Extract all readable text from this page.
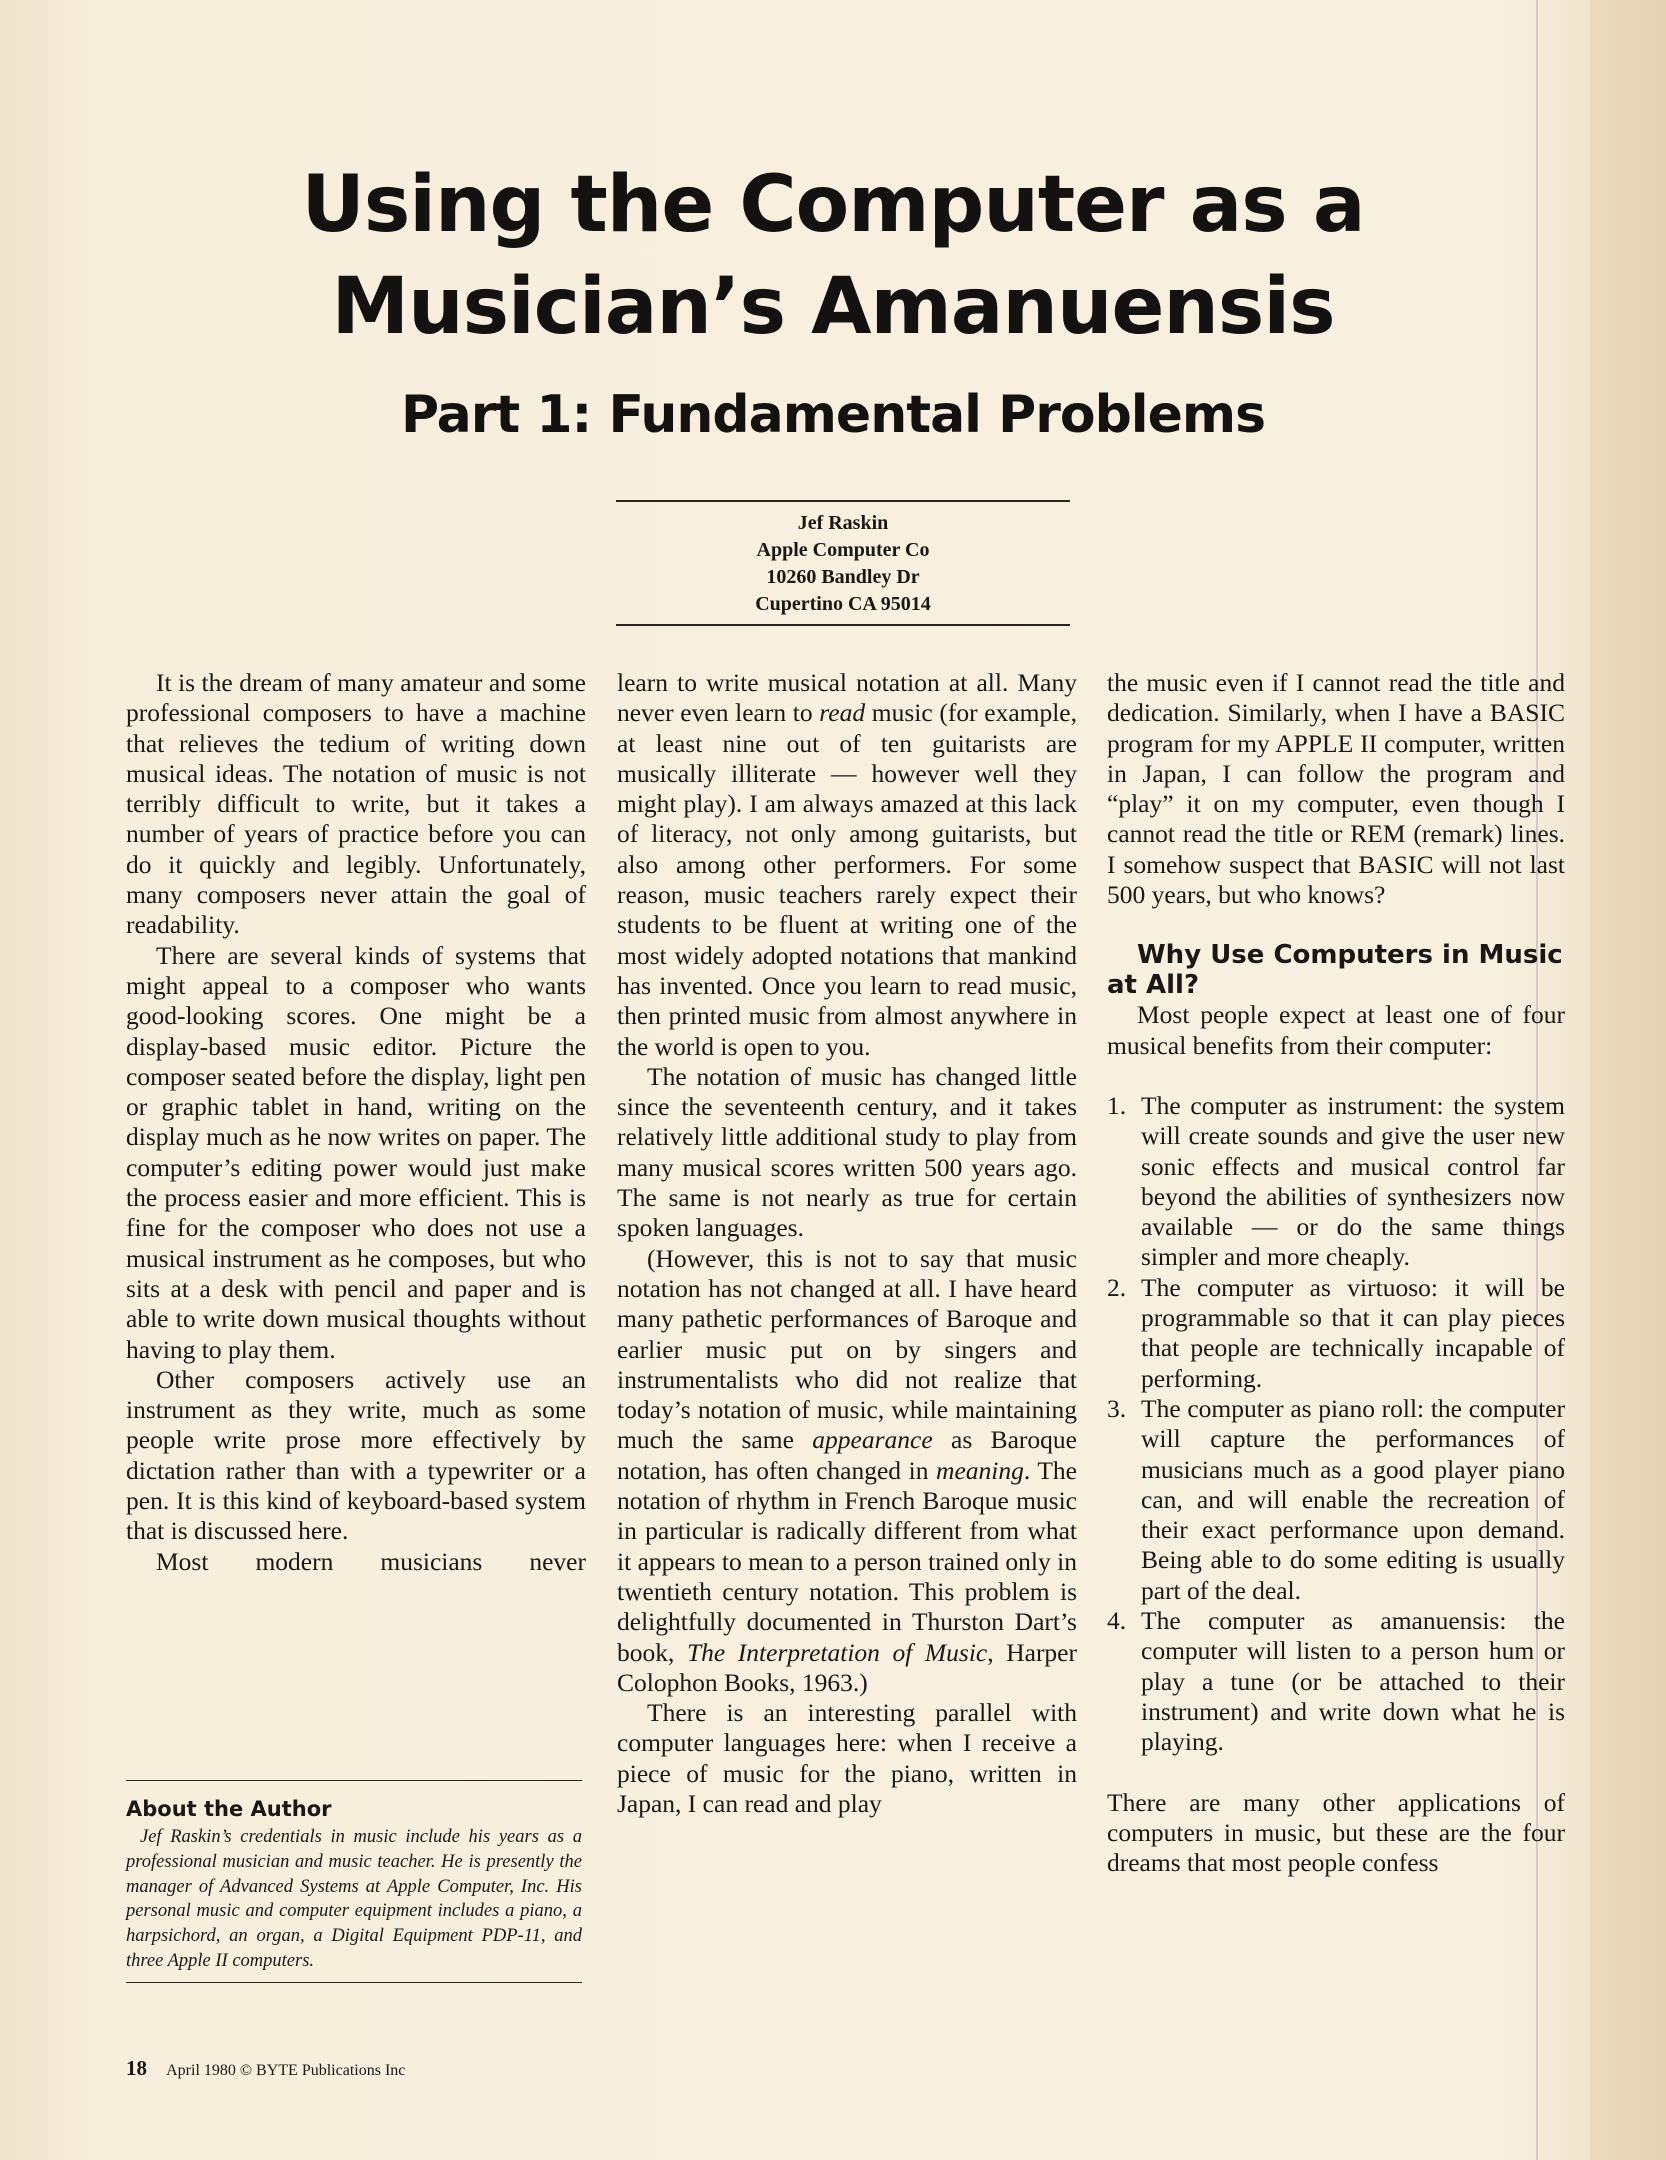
Using the Computer as a
Musician’s Amanuensis
Part 1: Fundamental Problems
Jef Raskin
Apple Computer Co
10260 Bandley Dr
Cupertino CA 95014

It is the dream of many amateur and some professional composers to have a machine that relieves the tedium of writing down musical ideas. The notation of music is not terribly difficult to write, but it takes a number of years of practice before you can do it quickly and legibly. Unfortunately, many composers never attain the goal of readability.

There are several kinds of systems that might appeal to a composer who wants good-looking scores. One might be a display-based music editor. Picture the composer seated before the display, light pen or graphic tablet in hand, writing on the display much as he now writes on paper. The computer’s editing power would just make the process easier and more efficient. This is fine for the composer who does not use a musical instrument as he composes, but who sits at a desk with pencil and paper and is able to write down musical thoughts without having to play them.

Other composers actively use an instrument as they write, much as some people write prose more effectively by dictation rather than with a typewriter or a pen. It is this kind of keyboard-based system that is discussed here.

Most modern musicians never

About the Author

Jef Raskin’s credentials in music include his years as a professional musician and music teacher. He is presently the manager of Advanced Systems at Apple Computer, Inc. His personal music and computer equipment includes a piano, a harpsichord, an organ, a Digital Equipment PDP-11, and three Apple II computers.

learn to write musical notation at all. Many never even learn to read music (for example, at least nine out of ten guitarists are musically illiterate — however well they might play). I am always amazed at this lack of literacy, not only among guitarists, but also among other performers. For some reason, music teachers rarely expect their students to be fluent at writing one of the most widely adopted notations that mankind has invented. Once you learn to read music, then printed music from almost anywhere in the world is open to you.

The notation of music has changed little since the seventeenth century, and it takes relatively little additional study to play from many musical scores written 500 years ago. The same is not nearly as true for certain spoken languages.

(However, this is not to say that music notation has not changed at all. I have heard many pathetic performances of Baroque and earlier music put on by singers and instrumentalists who did not realize that today’s notation of music, while maintaining much the same appearance as Baroque notation, has often changed in meaning. The notation of rhythm in French Baroque music in particular is radically different from what it appears to mean to a person trained only in twentieth century notation. This problem is delightfully documented in Thurston Dart’s book, The Interpretation of Music, Harper Colophon Books, 1963.)

There is an interesting parallel with computer languages here: when I receive a piece of music for the piano, written in Japan, I can read and play

the music even if I cannot read the title and dedication. Similarly, when I have a BASIC program for my APPLE II computer, written in Japan, I can follow the program and “play” it on my computer, even though I cannot read the title or REM (remark) lines. I somehow suspect that BASIC will not last 500 years, but who knows?

Why Use Computers in Music at All?

Most people expect at least one of four musical benefits from their computer:

1. The computer as instrument: the system will create sounds and give the user new sonic effects and musical control far beyond the abilities of synthesizers now available — or do the same things simpler and more cheaply.
2. The computer as virtuoso: it will be programmable so that it can play pieces that people are technically incapable of performing.
3. The computer as piano roll: the computer will capture the performances of musicians much as a good player piano can, and will enable the recreation of their exact performance upon demand. Being able to do some editing is usually part of the deal.
4. The computer as amanuensis: the computer will listen to a person hum or play a tune (or be attached to their instrument) and write down what he is playing.

There are many other applications of computers in music, but these are the four dreams that most people confess

18 April 1980 © BYTE Publications Inc
